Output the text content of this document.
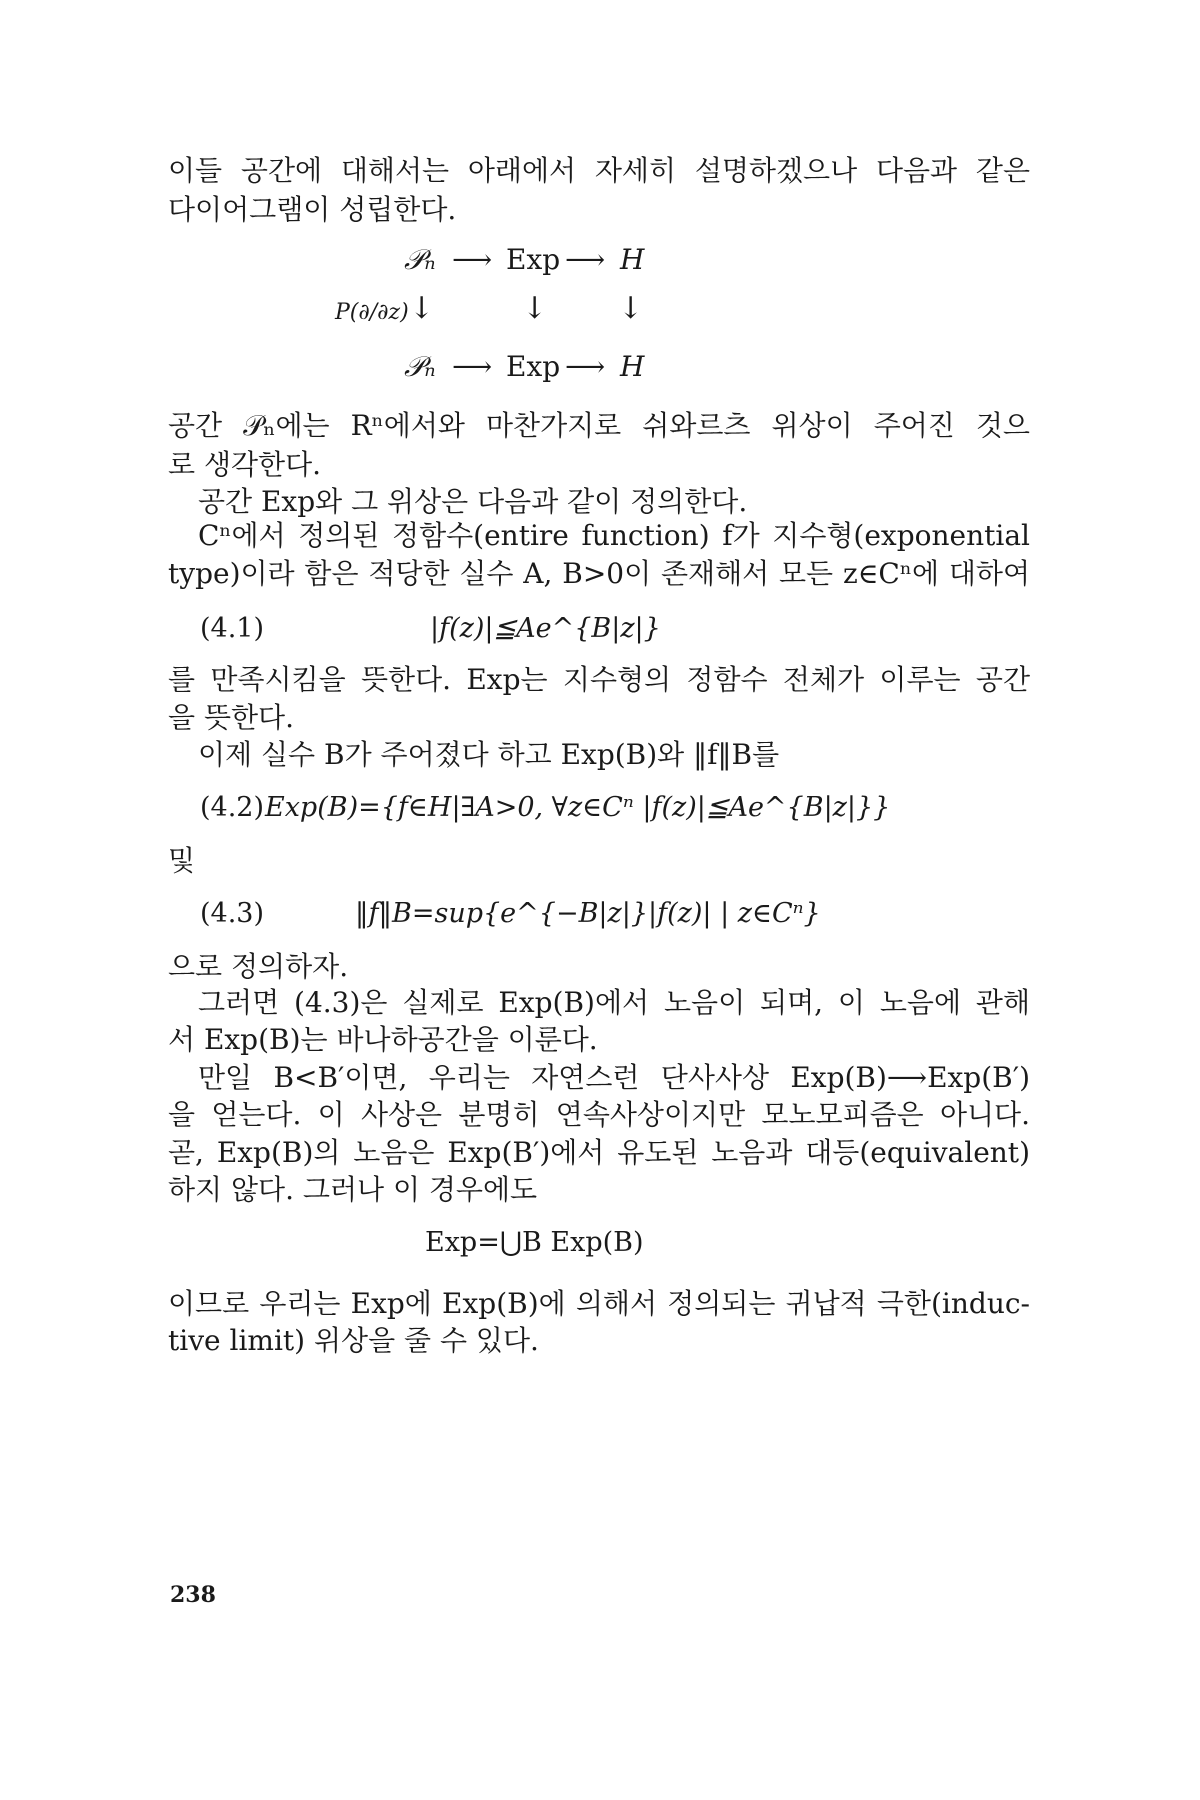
이들 공간에 대해서는 아래에서 자세히 설명하겠으나 다음과 같은
다이어그램이 성립한다.
𝒫ₙ ⟶ Exp ⟶ H
P(∂/∂z) ↓	↓ ↓
𝒫ₙ ⟶ Exp ⟶ H
공간 𝒫ₙ에는 Rⁿ에서와 마찬가지로 쉬와르츠 위상이 주어진 것으
로 생각한다.
공간 Exp와 그 위상은 다음과 같이 정의한다.
Cⁿ에서 정의된 정함수(entire function) f가 지수형(exponential
type)이라 함은 적당한 실수 A, B>0이 존재해서 모든 z∈Cⁿ에 대하여
(4.1)	|f(z)|≦Ae^{B|z|}
를 만족시킴을 뜻한다. Exp는 지수형의 정함수 전체가 이루는 공간
을 뜻한다.
이제 실수 B가 주어졌다 하고 Exp(B)와 ‖f‖B를
(4.2) Exp(B)={f∈H|∃A>0, ∀z∈Cⁿ |f(z)|≦Ae^{B|z|}}
및
(4.3)	‖f‖B=sup{e^{−B|z|}|f(z)| | z∈Cⁿ}
으로 정의하자.
그러면 (4.3)은 실제로 Exp(B)에서 노음이 되며, 이 노음에 관해
서 Exp(B)는 바나하공간을 이룬다.
만일 B<B′이면, 우리는 자연스런 단사사상 Exp(B)⟶Exp(B′)
을 얻는다. 이 사상은 분명히 연속사상이지만 모노모피즘은 아니다.
곧, Exp(B)의 노음은 Exp(B′)에서 유도된 노음과 대등(equivalent)
하지 않다. 그러나 이 경우에도
Exp=⋃B Exp(B)
이므로 우리는 Exp에 Exp(B)에 의해서 정의되는 귀납적 극한(induc-
tive limit) 위상을 줄 수 있다.
238
